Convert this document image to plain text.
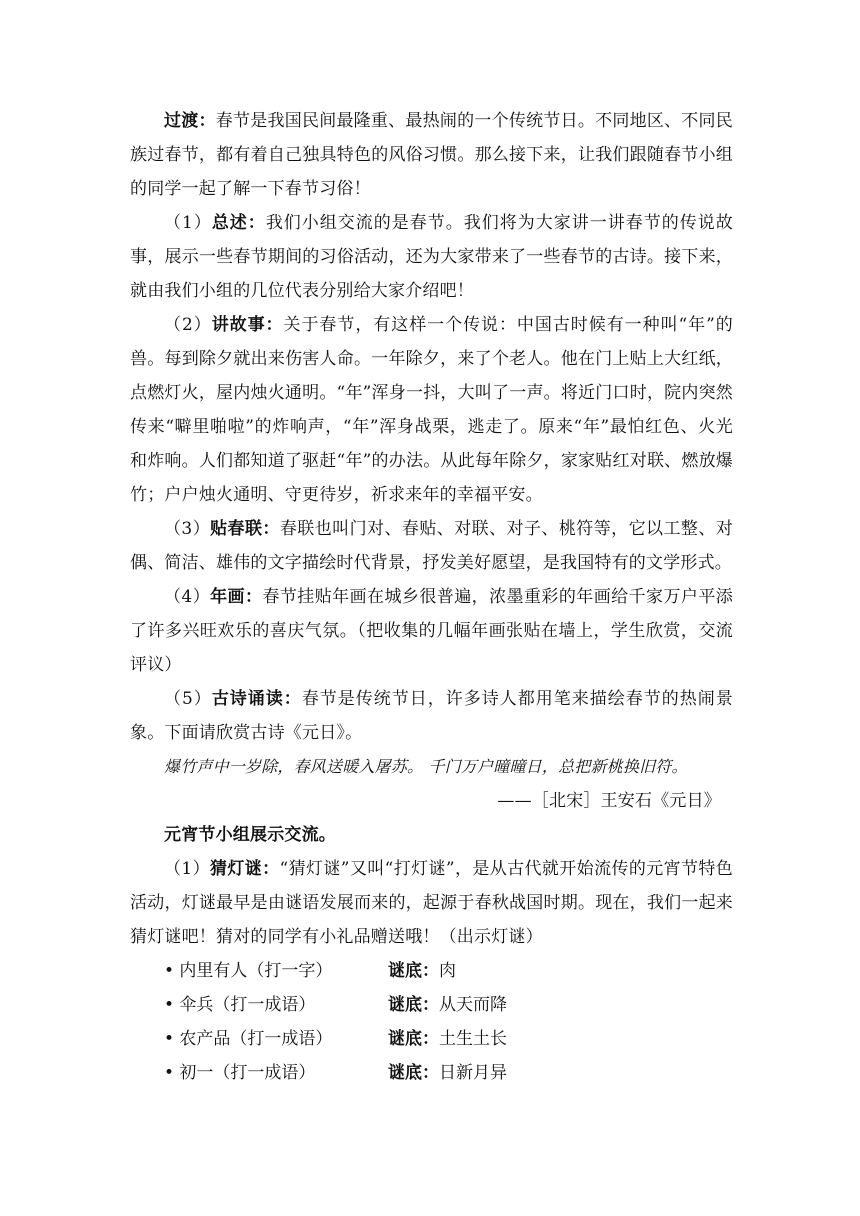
过渡：春节是我国民间最隆重、最热闹的一个传统节日。不同地区、不同民族过春节，都有着自己独具特色的风俗习惯。那么接下来，让我们跟随春节小组的同学一起了解一下春节习俗！

（1）总述：我们小组交流的是春节。我们将为大家讲一讲春节的传说故事，展示一些春节期间的习俗活动，还为大家带来了一些春节的古诗。接下来，就由我们小组的几位代表分别给大家介绍吧！

（2）讲故事：关于春节，有这样一个传说：中国古时候有一种叫“年”的兽。每到除夕就出来伤害人命。一年除夕，来了个老人。他在门上贴上大红纸，点燃灯火，屋内烛火通明。“年”浑身一抖，大叫了一声。将近门口时，院内突然传来“噼里啪啦”的炸响声，“年”浑身战栗，逃走了。原来“年”最怕红色、火光和炸响。人们都知道了驱赶“年”的办法。从此每年除夕，家家贴红对联、燃放爆竹；户户烛火通明、守更待岁，祈求来年的幸福平安。

（3）贴春联：春联也叫门对、春贴、对联、对子、桃符等，它以工整、对偶、简洁、雄伟的文字描绘时代背景，抒发美好愿望，是我国特有的文学形式。

（4）年画：春节挂贴年画在城乡很普遍，浓墨重彩的年画给千家万户平添了许多兴旺欢乐的喜庆气氛。（把收集的几幅年画张贴在墙上，学生欣赏，交流评议）

（5）古诗诵读：春节是传统节日，许多诗人都用笔来描绘春节的热闹景象。下面请欣赏古诗《元日》。

爆竹声中一岁除，春风送暖入屠苏。 千门万户曈曈日，总把新桃换旧符。

——［北宋］王安石《元日》

元宵节小组展示交流。

（1）猜灯谜：“猜灯谜”又叫“打灯谜”，是从古代就开始流传的元宵节特色活动，灯谜最早是由谜语发展而来的，起源于春秋战国时期。现在，我们一起来猜灯谜吧！猜对的同学有小礼品赠送哦！（出示灯谜）

• 内里有人（打一字）	谜底：肉
• 伞兵（打一成语）	谜底：从天而降
• 农产品（打一成语）	谜底：土生土长
• 初一（打一成语）	谜底：日新月异
